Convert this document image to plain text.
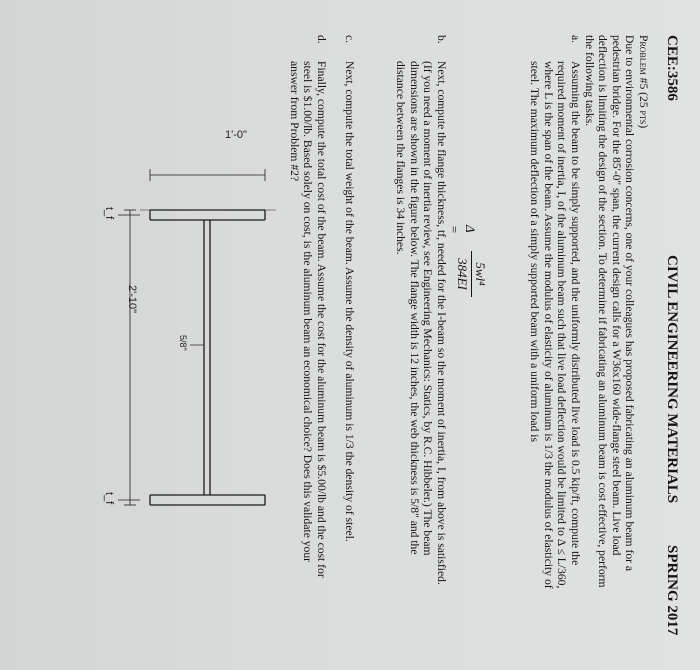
CEE:3586
CIVIL ENGINEERING MATERIALS
SPRING 2017
Problem #5 (25 pts)
Due to environmental corrosion concerns, one of your colleagues has proposed fabricating an aluminum beam for a pedestrian bridge. For the 85'-0" span, the current design calls for a W36x160 wide-flange steel beam. Live load deflection is limiting the design of the section. To determine if fabricating an aluminum beam is cost effective, perform the following tasks.
a.
Assuming the beam to be simply supported, and the uniformly distributed live load is 0.5 kip/ft, compute the required moment of inertia, I, of the aluminum beam such that live load deflection would be limited to Δ ≤ L/360, where L is the span of the beam. Assume the modulus of elasticity of aluminum is 1/3 the modulus of elasticity of steel. The maximum deflection of a simply supported beam with a uniform load is
Δ =
5wl⁴
384EI
b.
Next, compute the flange thickness, tf, needed for the I-beam so the moment of inertia, I, from above is satisfied. (If you need a moment of inertia review, see Engineering Mechanics: Statics, by R.C. Hibbeler.) The beam dimensions are shown in the figure below. The flange width is 12 inches, the web thickness is 5/8" and the distance between the flanges is 34 inches.
c.
Next, compute the total weight of the beam. Assume the density of aluminum is 1/3 the density of steel.
d.
Finally, compute the total cost of the beam. Assume the cost for the aluminum beam is $5.00/lb and the cost for steel is $1.00/lb. Based solely on cost, is the aluminum beam an economical choice? Does this validate your answer from Problem #2?
1'-0"
2'-10"
t_f
t_f
5/8"
